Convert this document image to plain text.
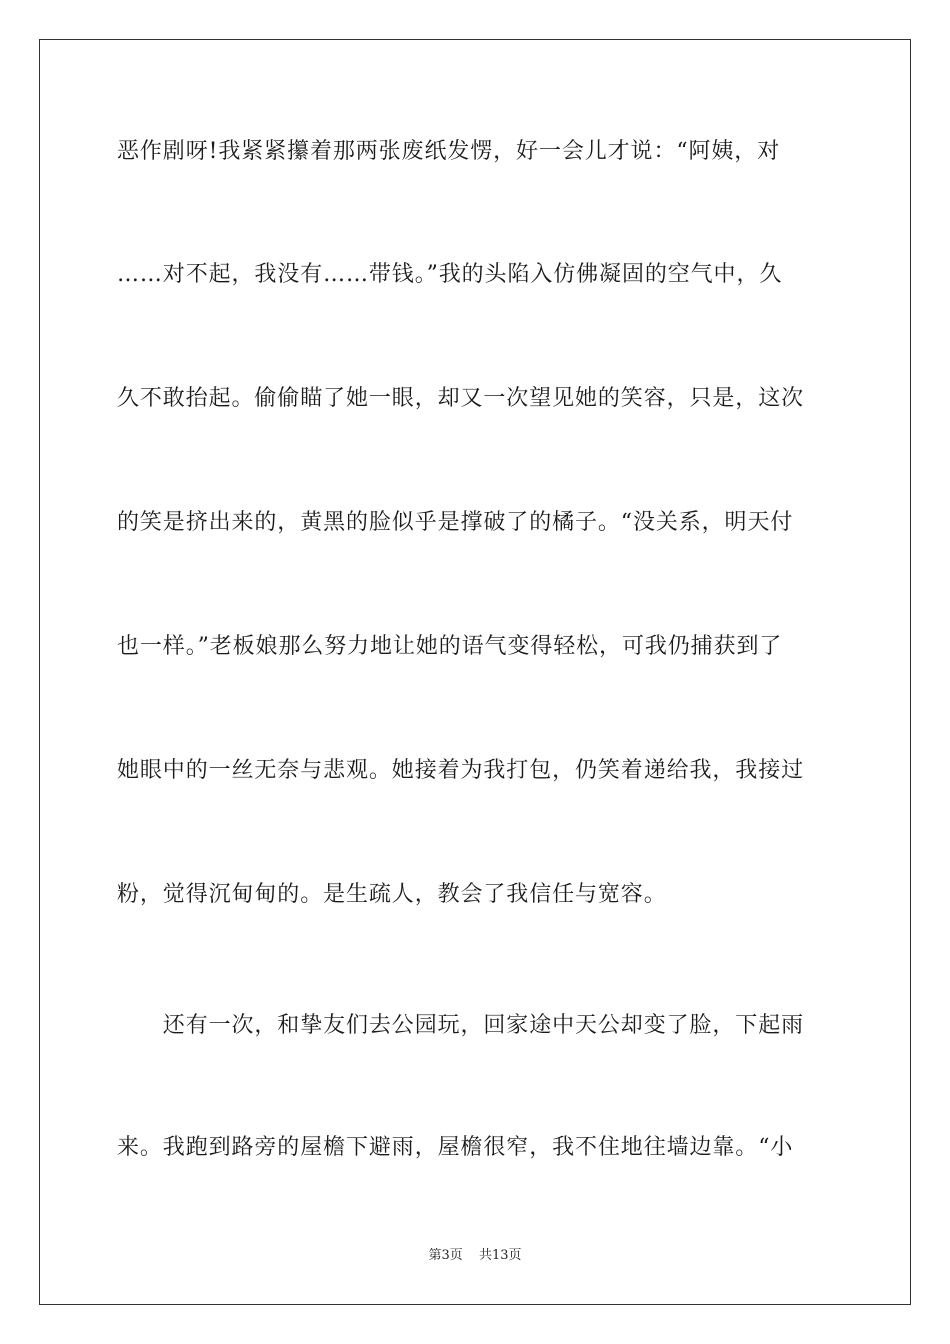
恶作剧呀!我紧紧攥着那两张废纸发愣，好一会儿才说：“阿姨，对
……对不起，我没有……带钱。”我的头陷入仿佛凝固的空气中，久
久不敢抬起。偷偷瞄了她一眼，却又一次望见她的笑容，只是，这次
的笑是挤出来的，黄黑的脸似乎是撑破了的橘子。“没关系，明天付
也一样。”老板娘那么努力地让她的语气变得轻松，可我仍捕获到了
她眼中的一丝无奈与悲观。她接着为我打包，仍笑着递给我，我接过
粉，觉得沉甸甸的。是生疏人，教会了我信任与宽容。
　　还有一次，和挚友们去公园玩，回家途中天公却变了脸，下起雨
来。我跑到路旁的屋檐下避雨，屋檐很窄，我不住地往墙边靠。“小
第3页 共13页
